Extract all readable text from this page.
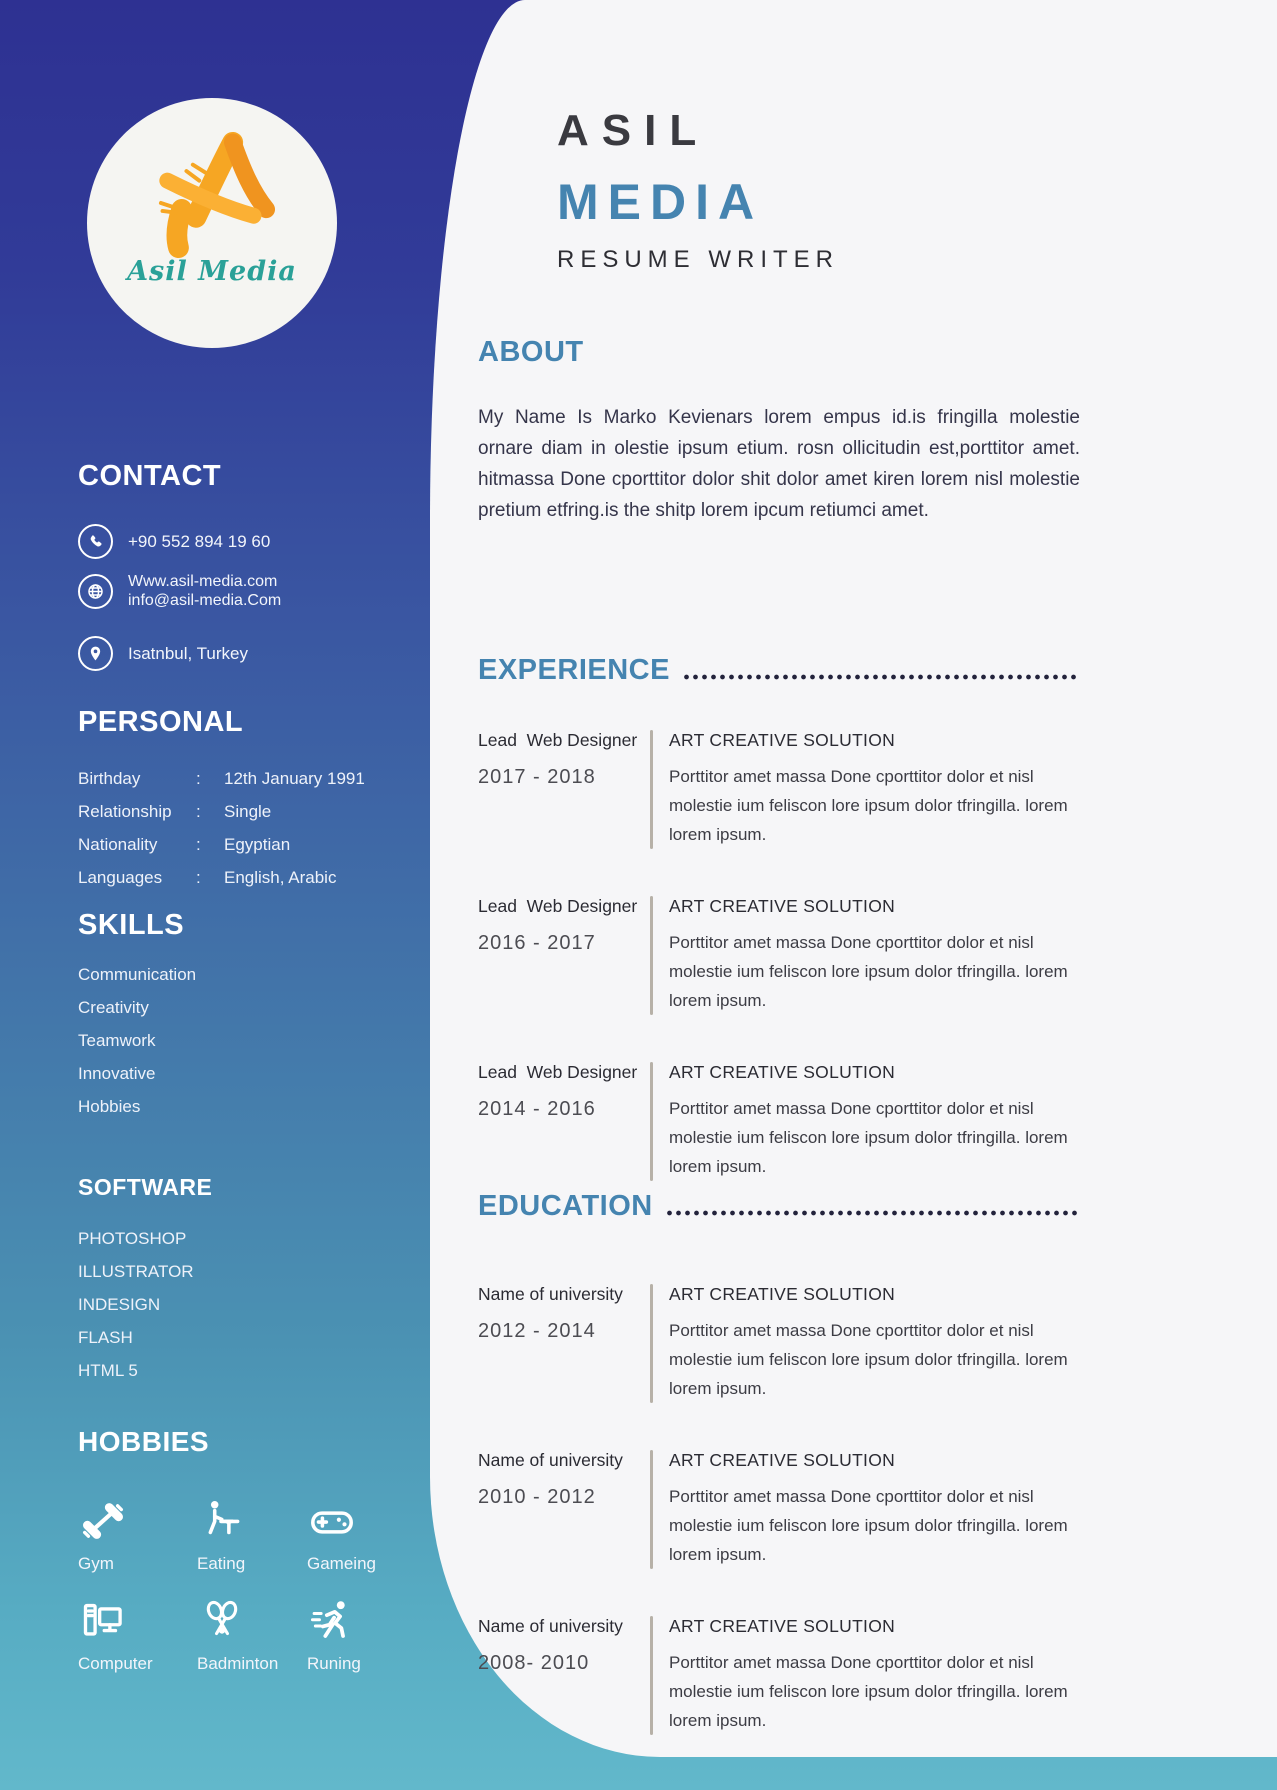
Asil Media
CONTACT
+90 552 894 19 60
Www.asil-media.com
info@asil-media.Com
Isatnbul, Turkey
PERSONAL
Birthday	:	12th January 1991
Relationship	:	Single
Nationality	:	Egyptian
Languages	:	English, Arabic
SKILLS
Communication
Creativity
Teamwork
Innovative
Hobbies
SOFTWARE
PHOTOSHOP
ILLUSTRATOR
INDESIGN
FLASH
HTML 5
HOBBIES
Gym	Eating	Gameing
Computer	Badminton	Runing
ASIL
MEDIA
RESUME WRITER
ABOUT
My Name Is Marko Kevienars lorem empus id.is fringilla molestie ornare diam in olestie ipsum etium. rosn ollicitudin est,porttitor amet. hitmassa Done cporttitor dolor shit dolor amet kiren lorem nisl molestie pretium etfring.is the shitp lorem ipcum retiumci amet.
EXPERIENCE
Lead  Web Designer
2017 - 2018
ART CREATIVE SOLUTION
Porttitor amet massa Done cporttitor dolor et nisl molestie ium feliscon lore ipsum dolor tfringilla. lorem lorem ipsum.
Lead  Web Designer
2016 - 2017
ART CREATIVE SOLUTION
Porttitor amet massa Done cporttitor dolor et nisl molestie ium feliscon lore ipsum dolor tfringilla. lorem lorem ipsum.
Lead  Web Designer
2014 - 2016
ART CREATIVE SOLUTION
Porttitor amet massa Done cporttitor dolor et nisl molestie ium feliscon lore ipsum dolor tfringilla. lorem lorem ipsum.
EDUCATION
Name of university
2012 - 2014
ART CREATIVE SOLUTION
Porttitor amet massa Done cporttitor dolor et nisl molestie ium feliscon lore ipsum dolor tfringilla. lorem lorem ipsum.
Name of university
2010 - 2012
ART CREATIVE SOLUTION
Porttitor amet massa Done cporttitor dolor et nisl molestie ium feliscon lore ipsum dolor tfringilla. lorem lorem ipsum.
Name of university
2008- 2010
ART CREATIVE SOLUTION
Porttitor amet massa Done cporttitor dolor et nisl molestie ium feliscon lore ipsum dolor tfringilla. lorem lorem ipsum.
